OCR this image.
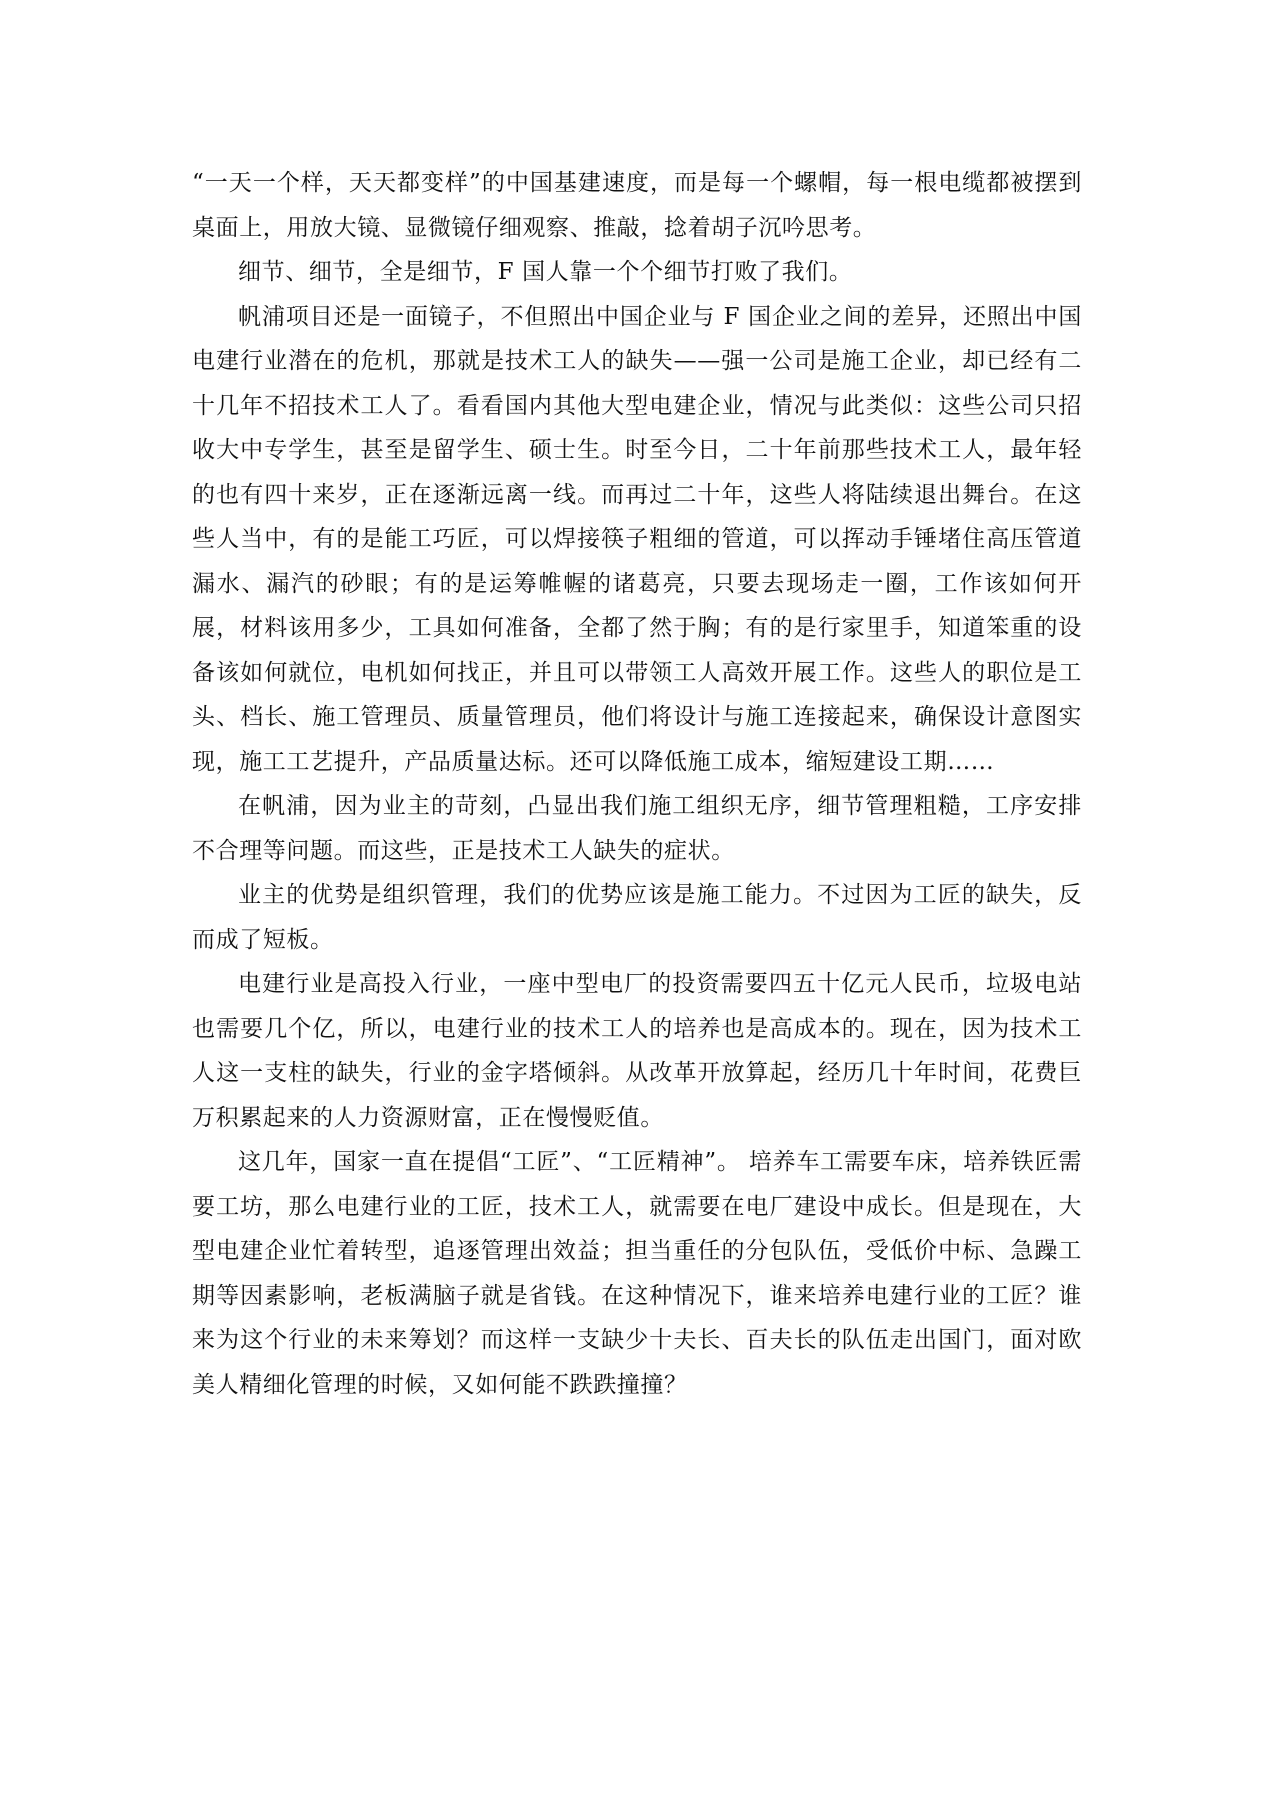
“一天一个样，天天都变样”的中国基建速度，而是每一个螺帽，每一根电缆都被摆到桌面上，用放大镜、显微镜仔细观察、推敲，捻着胡子沉吟思考。

细节、细节，全是细节，F 国人靠一个个细节打败了我们。

帆浦项目还是一面镜子，不但照出中国企业与 F 国企业之间的差异，还照出中国电建行业潜在的危机，那就是技术工人的缺失——强一公司是施工企业，却已经有二十几年不招技术工人了。看看国内其他大型电建企业，情况与此类似：这些公司只招收大中专学生，甚至是留学生、硕士生。时至今日，二十年前那些技术工人，最年轻的也有四十来岁，正在逐渐远离一线。而再过二十年，这些人将陆续退出舞台。在这些人当中，有的是能工巧匠，可以焊接筷子粗细的管道，可以挥动手锤堵住高压管道漏水、漏汽的砂眼；有的是运筹帷幄的诸葛亮，只要去现场走一圈，工作该如何开展，材料该用多少，工具如何准备，全都了然于胸；有的是行家里手，知道笨重的设备该如何就位，电机如何找正，并且可以带领工人高效开展工作。这些人的职位是工头、档长、施工管理员、质量管理员，他们将设计与施工连接起来，确保设计意图实现，施工工艺提升，产品质量达标。还可以降低施工成本，缩短建设工期……

在帆浦，因为业主的苛刻，凸显出我们施工组织无序，细节管理粗糙，工序安排不合理等问题。而这些，正是技术工人缺失的症状。

业主的优势是组织管理，我们的优势应该是施工能力。不过因为工匠的缺失，反而成了短板。

电建行业是高投入行业，一座中型电厂的投资需要四五十亿元人民币，垃圾电站也需要几个亿，所以，电建行业的技术工人的培养也是高成本的。现在，因为技术工人这一支柱的缺失，行业的金字塔倾斜。从改革开放算起，经历几十年时间，花费巨万积累起来的人力资源财富，正在慢慢贬值。

这几年，国家一直在提倡“工匠”、“工匠精神”。 培养车工需要车床，培养铁匠需要工坊，那么电建行业的工匠，技术工人，就需要在电厂建设中成长。但是现在，大型电建企业忙着转型，追逐管理出效益；担当重任的分包队伍，受低价中标、急躁工期等因素影响，老板满脑子就是省钱。在这种情况下，谁来培养电建行业的工匠？谁来为这个行业的未来筹划？而这样一支缺少十夫长、百夫长的队伍走出国门，面对欧美人精细化管理的时候，又如何能不跌跌撞撞？
